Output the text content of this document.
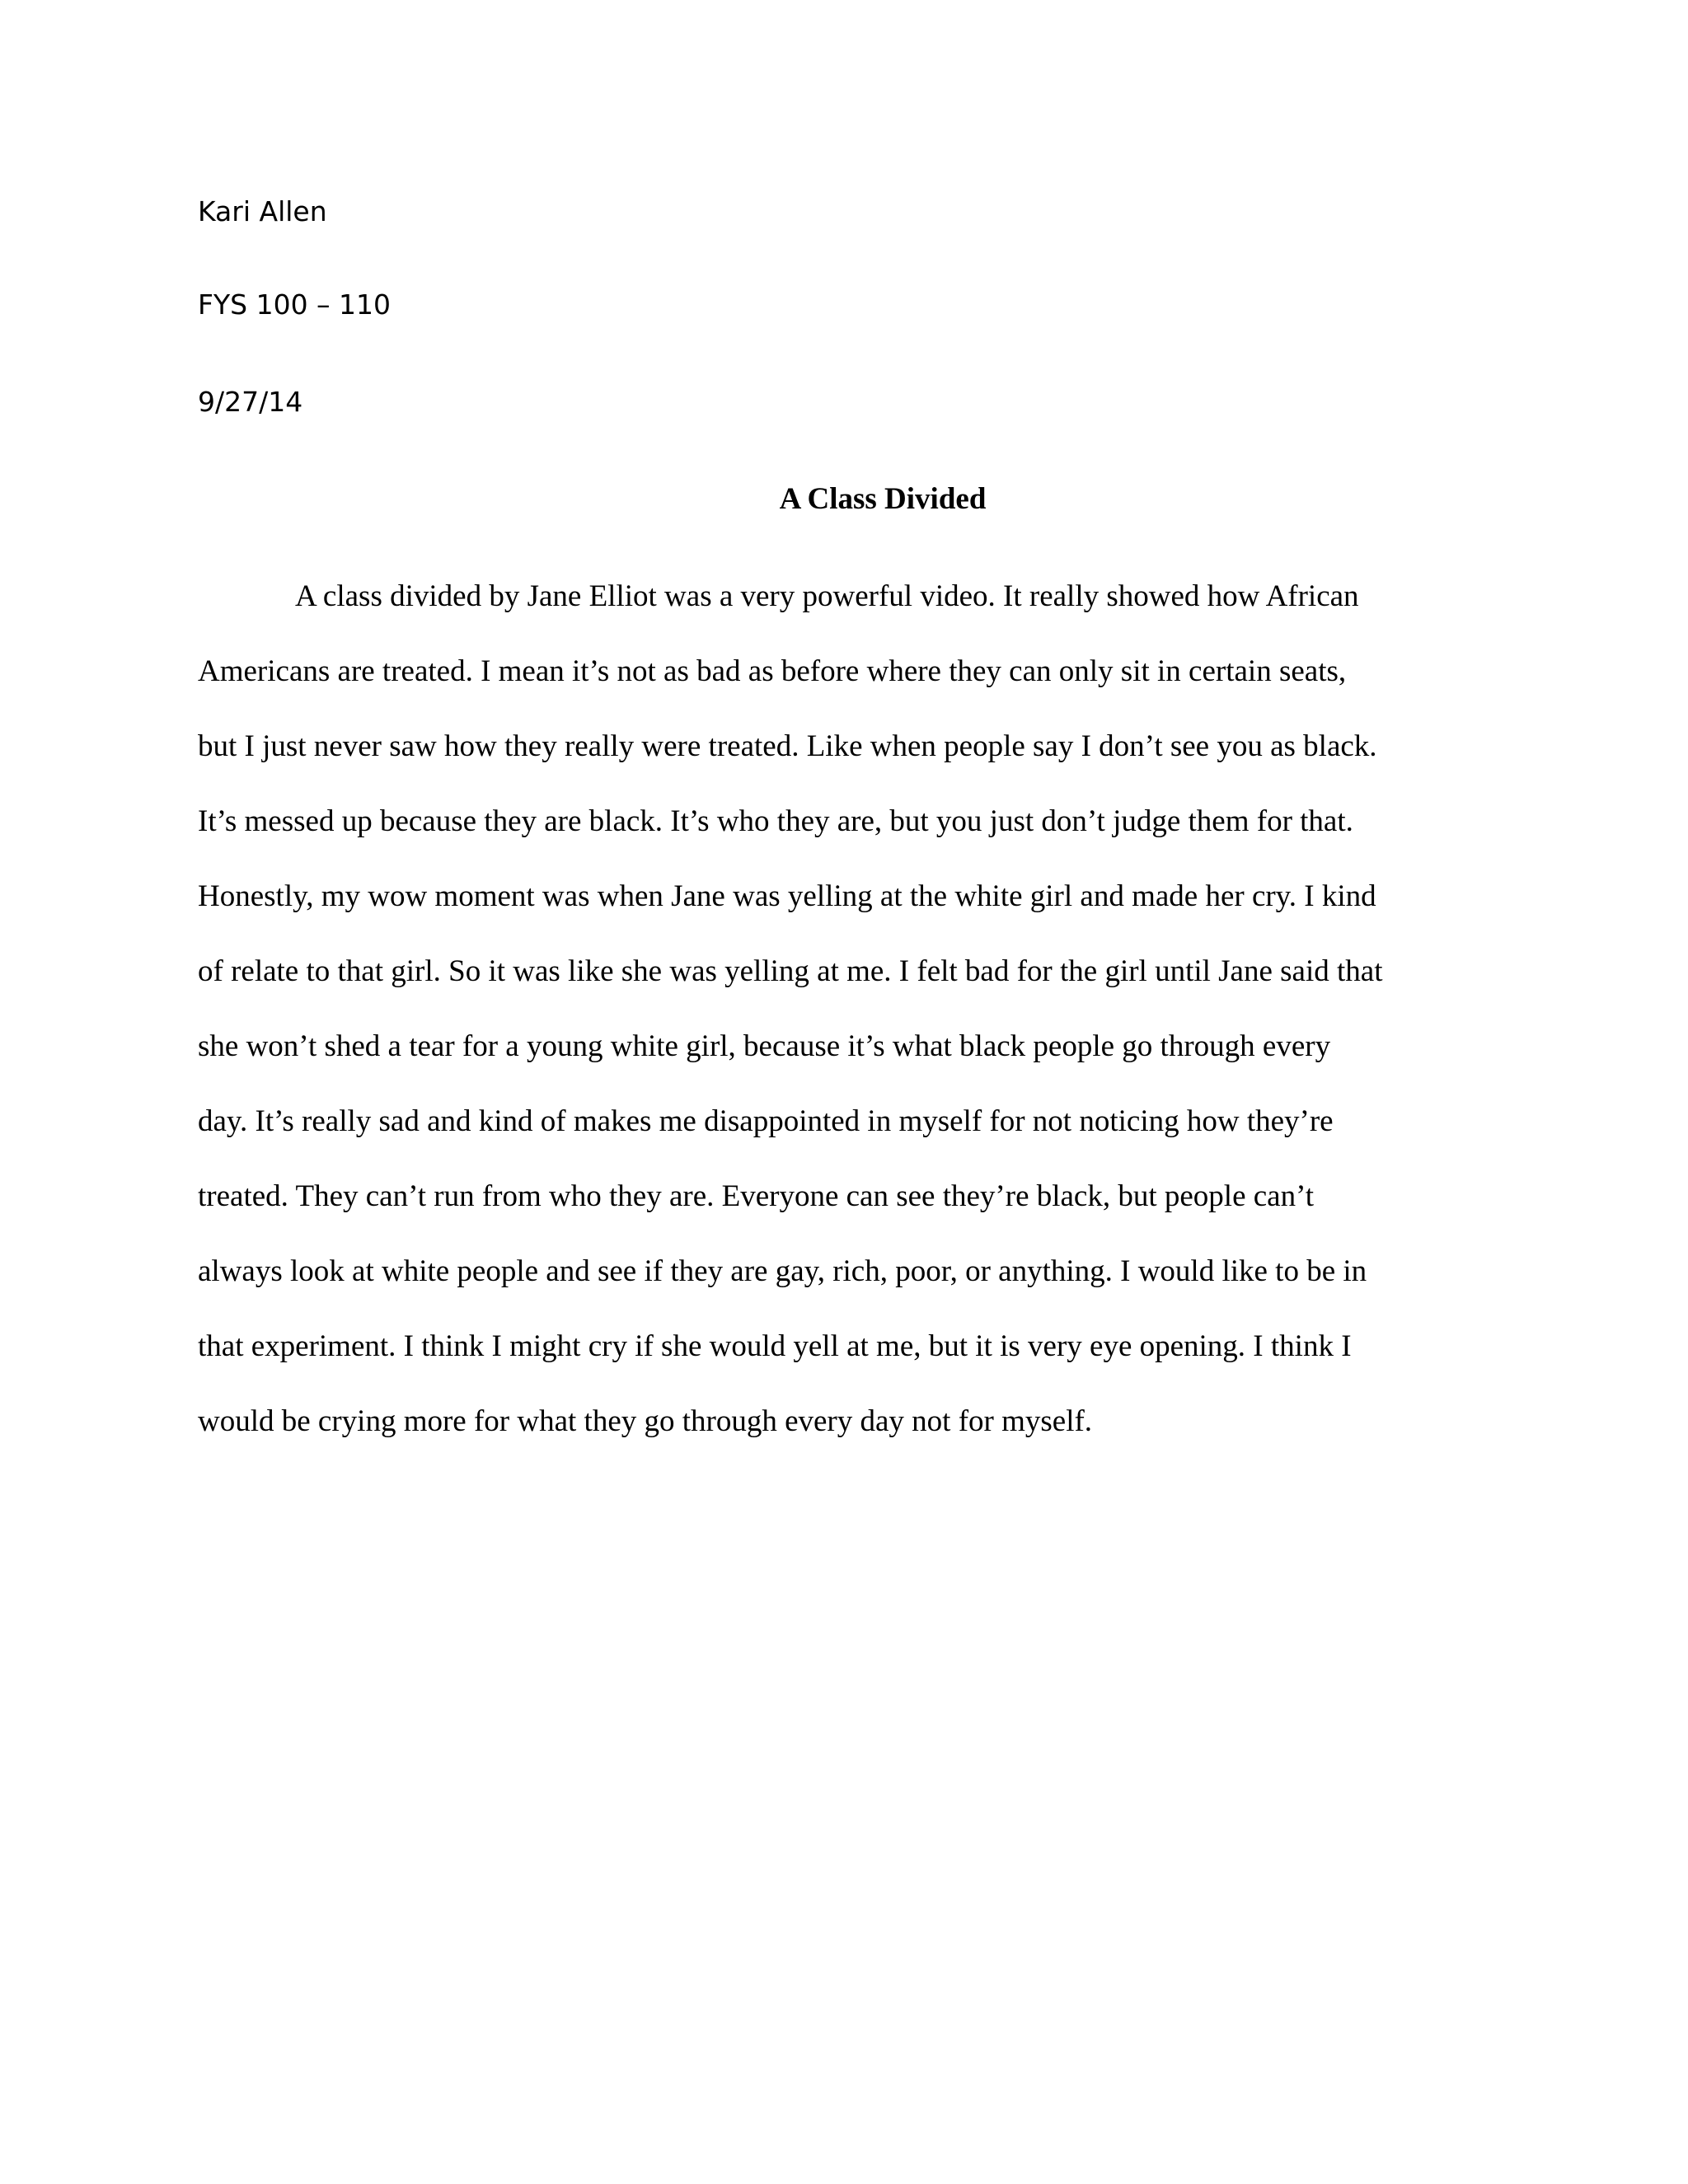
Kari Allen

FYS 100 – 110

9/27/14

A Class Divided

A class divided by Jane Elliot was a very powerful video. It really showed how African

Americans are treated. I mean it’s not as bad as before where they can only sit in certain seats,

but I just never saw how they really were treated. Like when people say I don’t see you as black.

It’s messed up because they are black. It’s who they are, but you just don’t judge them for that.

Honestly, my wow moment was when Jane was yelling at the white girl and made her cry. I kind

of relate to that girl. So it was like she was yelling at me. I felt bad for the girl until Jane said that

she won’t shed a tear for a young white girl, because it’s what black people go through every

day. It’s really sad and kind of makes me disappointed in myself for not noticing how they’re

treated. They can’t run from who they are. Everyone can see they’re black, but people can’t

always look at white people and see if they are gay, rich, poor, or anything. I would like to be in

that experiment. I think I might cry if she would yell at me, but it is very eye opening. I think I

would be crying more for what they go through every day not for myself.
